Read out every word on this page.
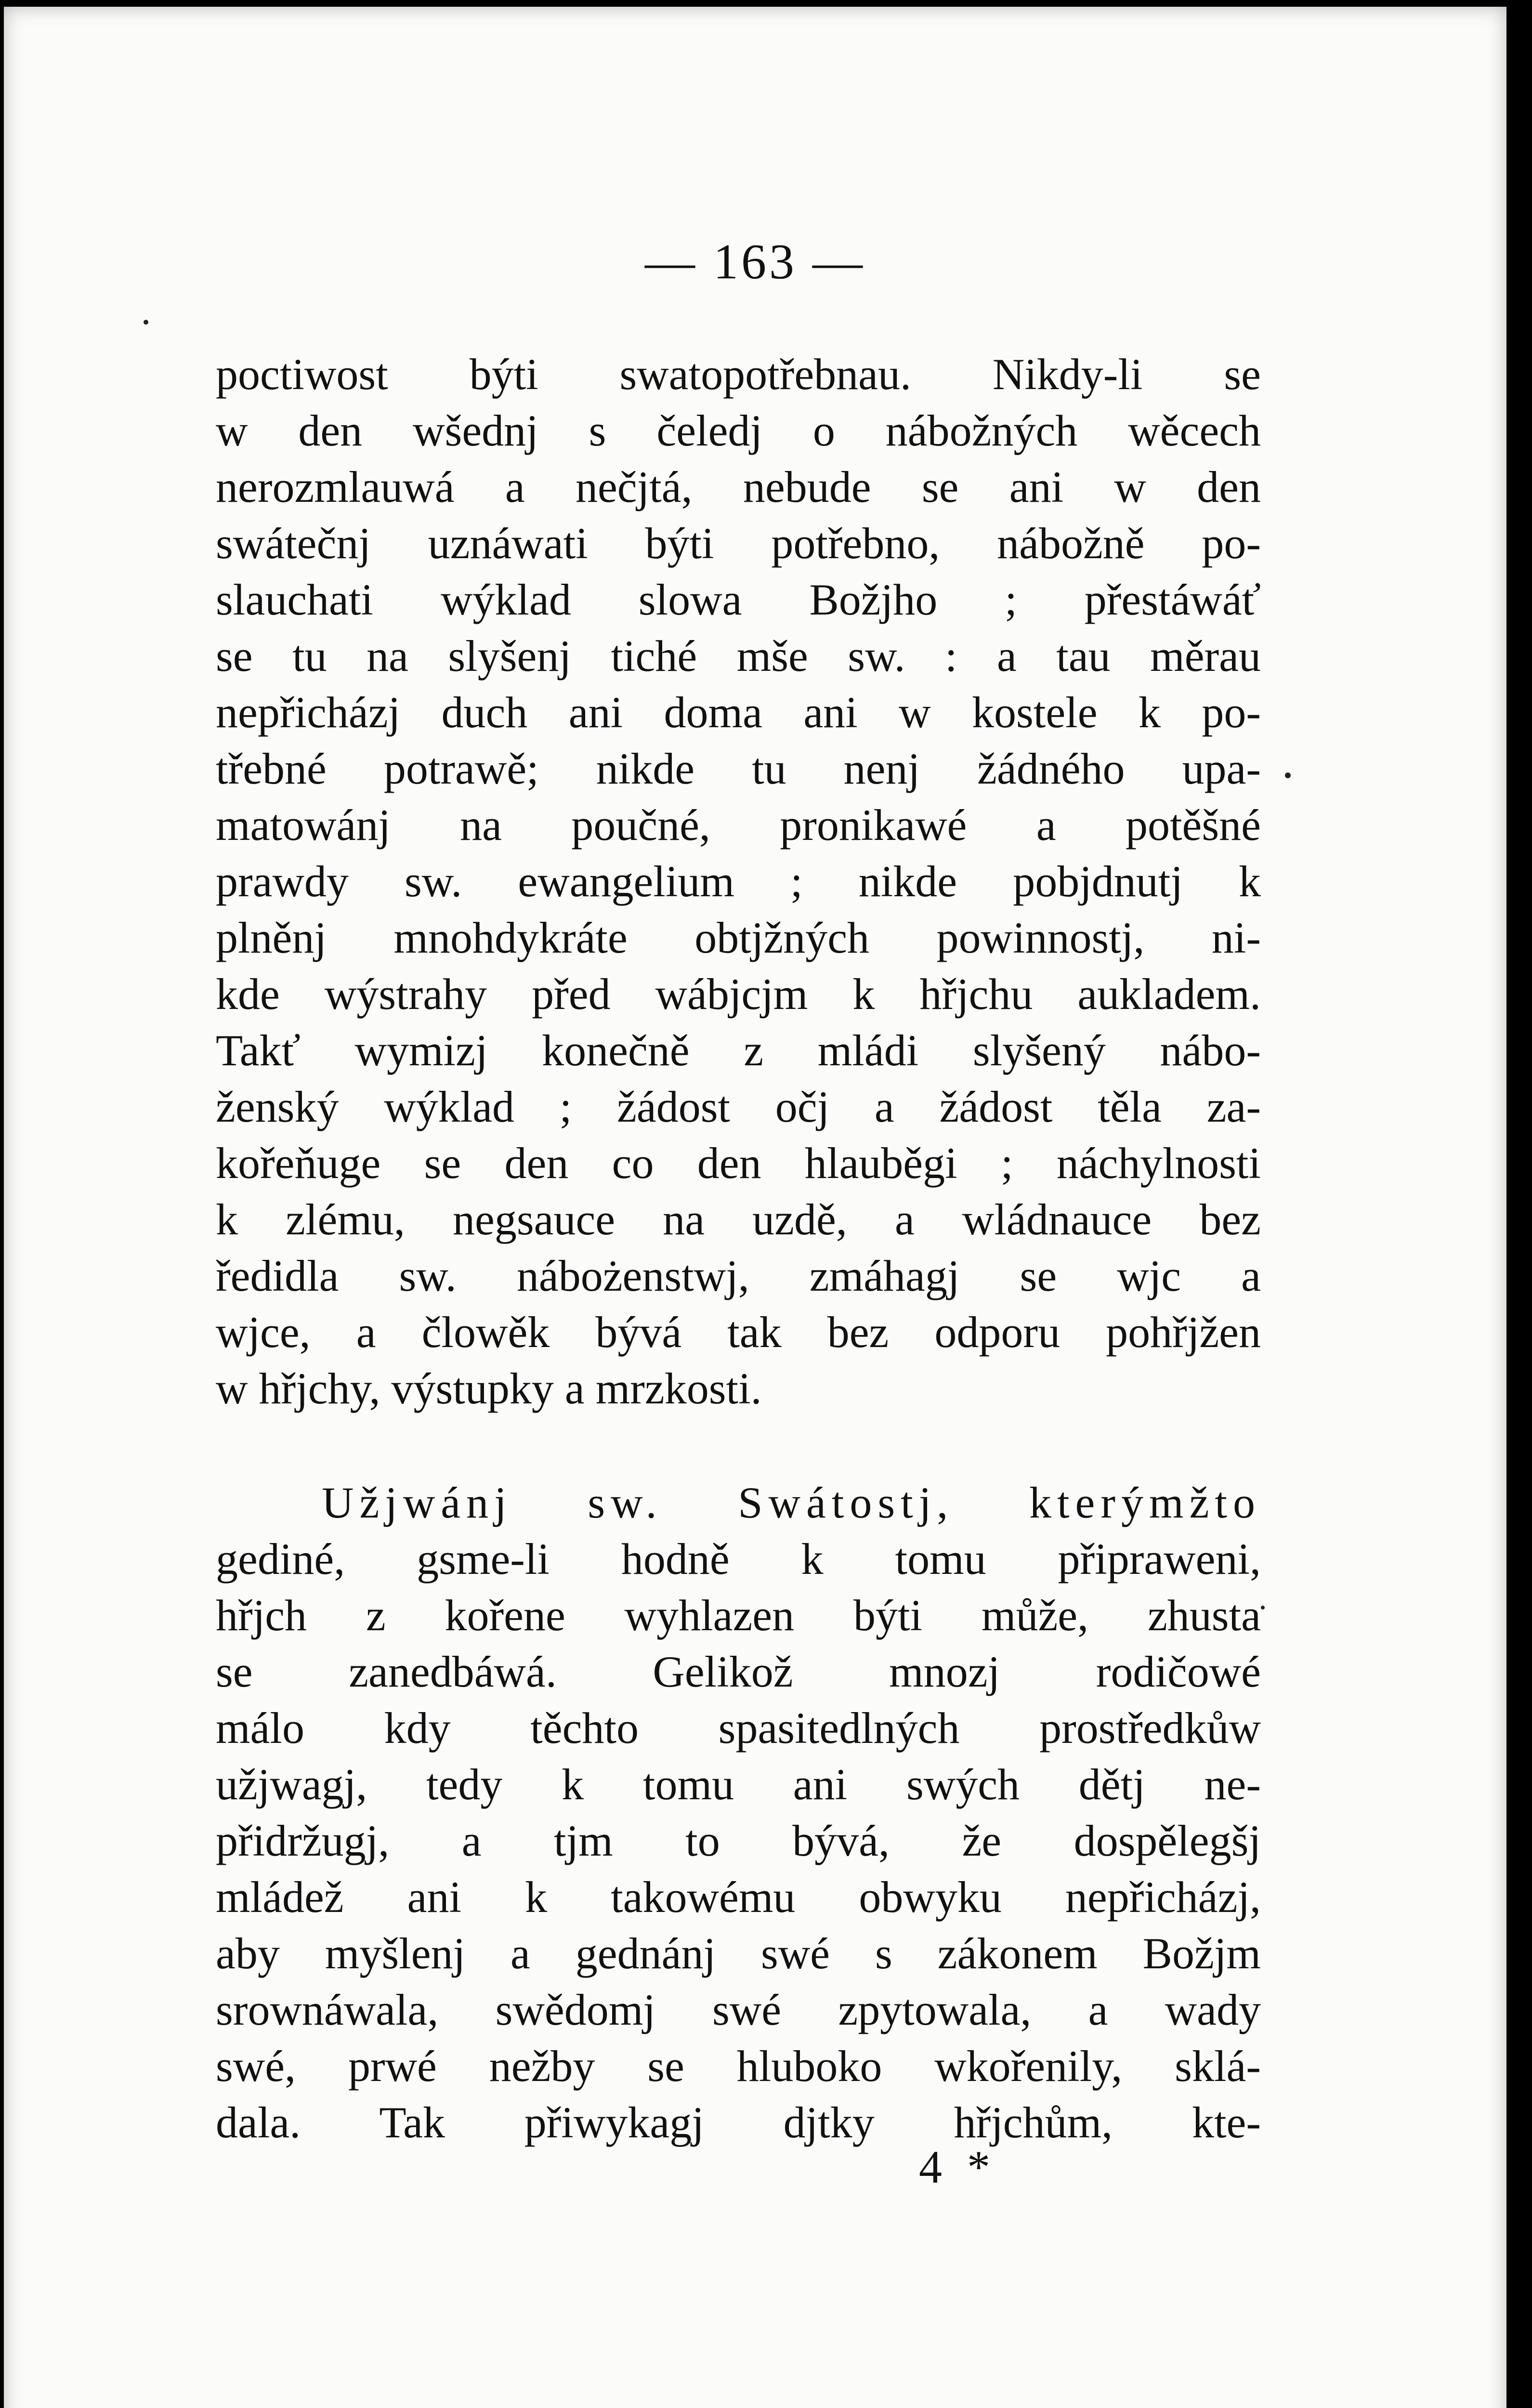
— 163 —
poctiwost býti swatopotřebnau. Nikdy-li se
w den wšednj s čeledj o nábožných wěcech
nerozmlauwá a nečjtá, nebude se ani w den
swátečnj uznáwati býti potřebno, nábožně po-
slauchati wýklad slowa Božjho ; přestáwáť
se tu na slyšenj tiché mše sw. : a tau měrau
nepřicházj duch ani doma ani w kostele k po-
třebné potrawě; nikde tu nenj žádného upa-
matowánj na poučné, pronikawé a potěšné
prawdy sw. ewangelium ; nikde pobjdnutj k
plněnj mnohdykráte obtjžných powinnostj, ni-
kde wýstrahy před wábjcjm k hřjchu aukladem.
Takť wymizj konečně z mládi slyšený nábo-
ženský wýklad ; žádost očj a žádost těla za-
kořeňuge se den co den hlauběgi ; náchylnosti
k zlému, negsauce na uzdě, a wládnauce bez
ředidla sw. nábożenstwj, zmáhagj se wjc a
wjce, a člowěk bývá tak bez odporu pohřjžen
w hřjchy, výstupky a mrzkosti.
Užjwánj sw. Swátostj, kterýmžto
gediné, gsme-li hodně k tomu připraweni,
hřjch z kořene wyhlazen býti může, zhusta
se zanedbáwá. Gelikož mnozj rodičowé
málo kdy těchto spasitedlných prostředkůw
užjwagj, tedy k tomu ani swých dětj ne-
přidržugj, a tjm to bývá, že dospělegšj
mládež ani k takowému obwyku nepřicházj,
aby myšlenj a gednánj swé s zákonem Božjm
srownáwala, swědomj swé zpytowala, a wady
swé, prwé nežby se hluboko wkořenily, sklá-
dala. Tak přiwykagj djtky hřjchům, kte-
4 *
